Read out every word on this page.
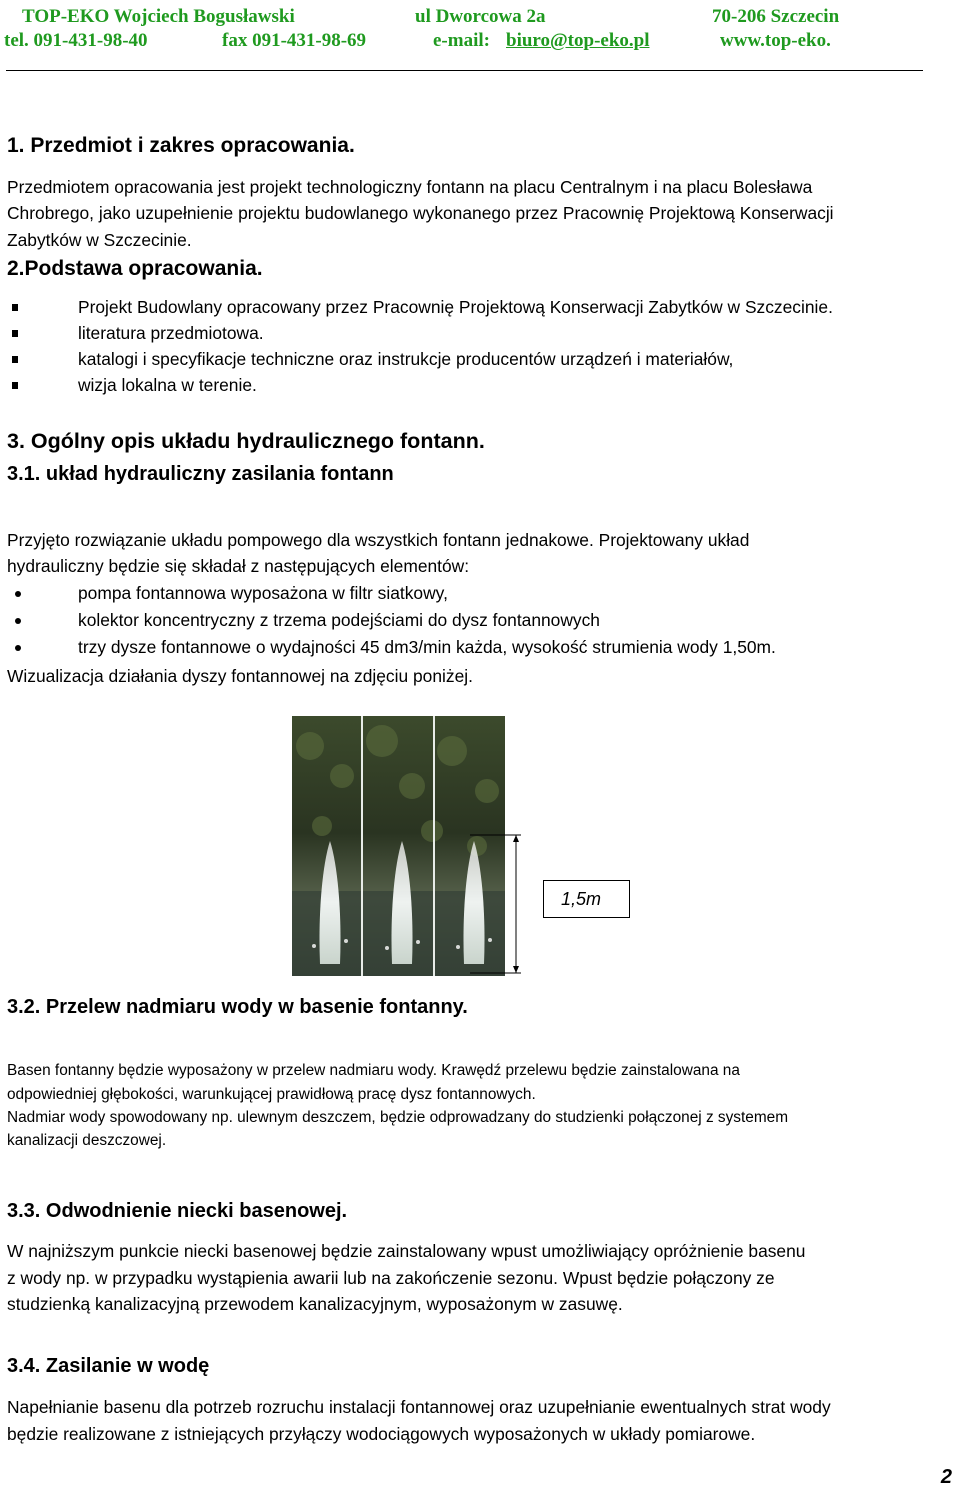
TOP-EKO Wojciech Bogusławski	ul Dworcowa 2a	70-206 Szczecin
tel. 091-431-98-40	fax 091-431-98-69	e-mail: biuro@top-eko.pl	www.top-eko.
1. Przedmiot i zakres opracowania.
Przedmiotem opracowania jest projekt technologiczny fontann na placu Centralnym i na placu Bolesława
Chrobrego, jako uzupełnienie projektu budowlanego wykonanego przez Pracownię Projektową Konserwacji
Zabytków w Szczecinie.
2.Podstawa opracowania.
Projekt Budowlany opracowany przez Pracownię Projektową Konserwacji Zabytków w Szczecinie.
literatura przedmiotowa.
katalogi i specyfikacje techniczne oraz instrukcje producentów urządzeń i materiałów,
wizja lokalna w terenie.
3. Ogólny opis układu hydraulicznego fontann.
3.1. układ hydrauliczny zasilania fontann
Przyjęto rozwiązanie układu pompowego dla wszystkich fontann jednakowe. Projektowany układ
hydrauliczny będzie się składał z następujących elementów:
pompa fontannowa wyposażona w filtr siatkowy,
kolektor koncentryczny z trzema podejściami do dysz fontannowych
trzy dysze fontannowe o wydajności 45 dm3/min każda, wysokość strumienia wody 1,50m.
Wizualizacja działania dyszy fontannowej na zdjęciu poniżej.
1,5m
3.2. Przelew nadmiaru wody w basenie fontanny.
Basen fontanny będzie wyposażony w przelew nadmiaru wody. Krawędź przelewu będzie zainstalowana na
odpowiedniej głębokości, warunkującej prawidłową pracę dysz fontannowych.
Nadmiar wody spowodowany np. ulewnym deszczem, będzie odprowadzany do studzienki połączonej z systemem
kanalizacji deszczowej.
3.3. Odwodnienie niecki basenowej.
W najniższym punkcie niecki basenowej będzie zainstalowany wpust umożliwiający opróżnienie basenu
z wody np. w przypadku wystąpienia awarii lub na zakończenie sezonu. Wpust będzie połączony ze
studzienką kanalizacyjną przewodem kanalizacyjnym, wyposażonym w zasuwę.
3.4. Zasilanie w wodę
Napełnianie basenu dla potrzeb rozruchu instalacji fontannowej oraz uzupełnianie ewentualnych strat wody
będzie realizowane z istniejących przyłączy wodociągowych wyposażonych w układy pomiarowe.
2
